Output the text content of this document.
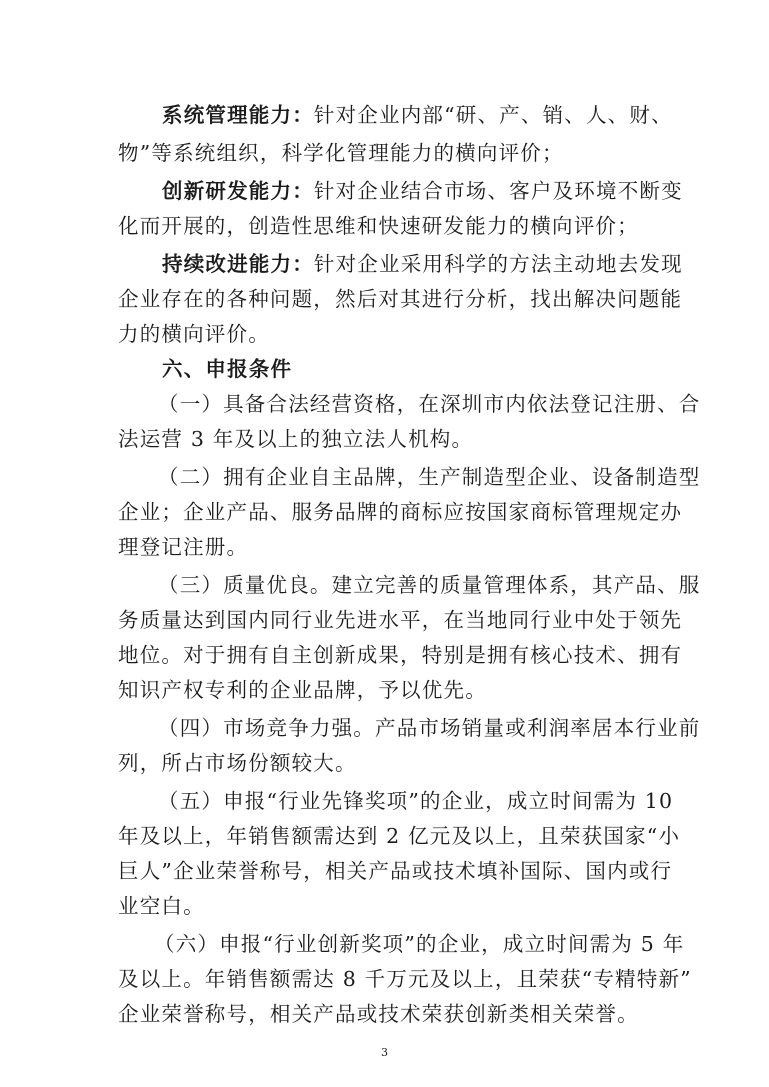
系统管理能力：针对企业内部“研、产、销、人、财、
物”等系统组织，科学化管理能力的横向评价；
创新研发能力：针对企业结合市场、客户及环境不断变
化而开展的，创造性思维和快速研发能力的横向评价；
持续改进能力：针对企业采用科学的方法主动地去发现
企业存在的各种问题，然后对其进行分析，找出解决问题能
力的横向评价。
六、申报条件
（一）具备合法经营资格，在深圳市内依法登记注册、合
法运营 3 年及以上的独立法人机构。
（二）拥有企业自主品牌，生产制造型企业、设备制造型
企业；企业产品、服务品牌的商标应按国家商标管理规定办
理登记注册。
（三）质量优良。建立完善的质量管理体系，其产品、服
务质量达到国内同行业先进水平，在当地同行业中处于领先
地位。对于拥有自主创新成果，特别是拥有核心技术、拥有
知识产权专利的企业品牌，予以优先。
（四）市场竞争力强。产品市场销量或利润率居本行业前
列，所占市场份额较大。
（五）申报“行业先锋奖项”的企业，成立时间需为 10
年及以上，年销售额需达到 2 亿元及以上，且荣获国家“小
巨人”企业荣誉称号，相关产品或技术填补国际、国内或行
业空白。
（六）申报“行业创新奖项”的企业，成立时间需为 5 年
及以上。年销售额需达 8 千万元及以上，且荣获“专精特新”
企业荣誉称号，相关产品或技术荣获创新类相关荣誉。
3
